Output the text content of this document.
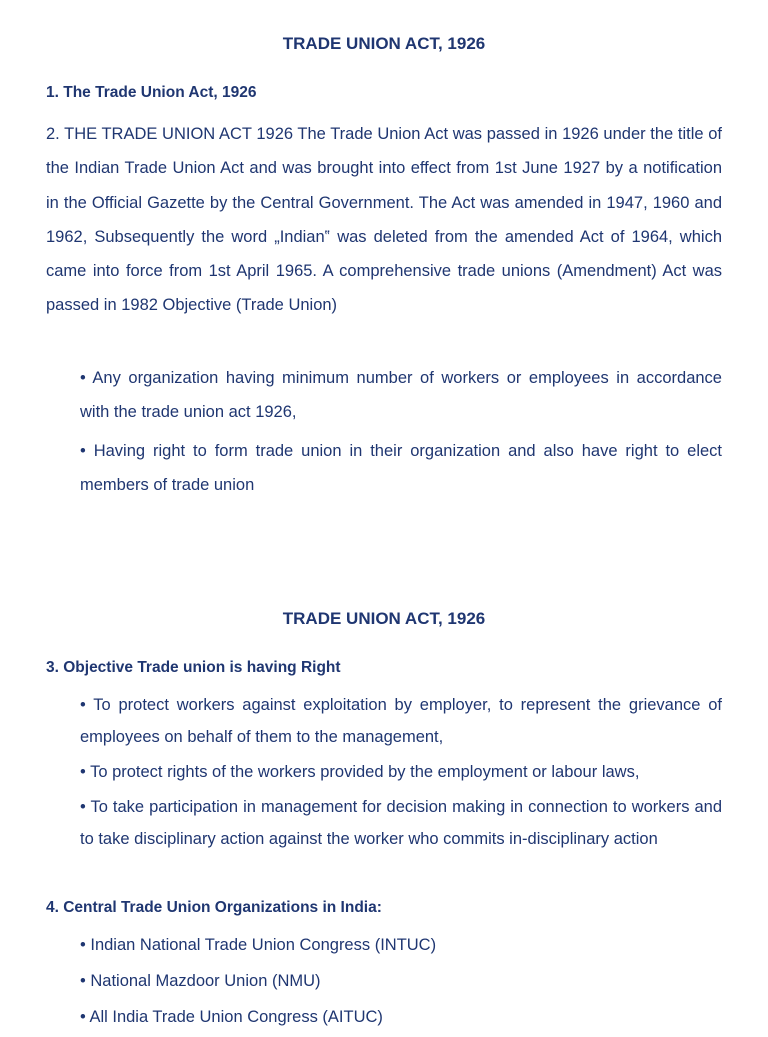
TRADE UNION ACT, 1926
1. The Trade Union Act, 1926
2. THE TRADE UNION ACT 1926 The Trade Union Act was passed in 1926 under the title of the Indian Trade Union Act and was brought into effect from 1st June 1927 by a notification in the Official Gazette by the Central Government. The Act was amended in 1947, 1960 and 1962, Subsequently the word „Indian‟ was deleted from the amended Act of 1964, which came into force from 1st April 1965. A comprehensive trade unions (Amendment) Act was passed in 1982 Objective (Trade Union)
• Any organization having minimum number of workers or employees in accordance with the trade union act 1926,
• Having right to form trade union in their organization and also have right to elect members of trade union
TRADE UNION ACT, 1926
3. Objective Trade union is having Right
• To protect workers against exploitation by employer, to represent the grievance of employees on behalf of them to the management,
• To protect rights of the workers provided by the employment or labour laws,
• To take participation in management for decision making in connection to workers and to take disciplinary action against the worker who commits in-disciplinary action
4. Central Trade Union Organizations in India:
• Indian National Trade Union Congress (INTUC)
• National Mazdoor Union (NMU)
• All India Trade Union Congress (AITUC)
